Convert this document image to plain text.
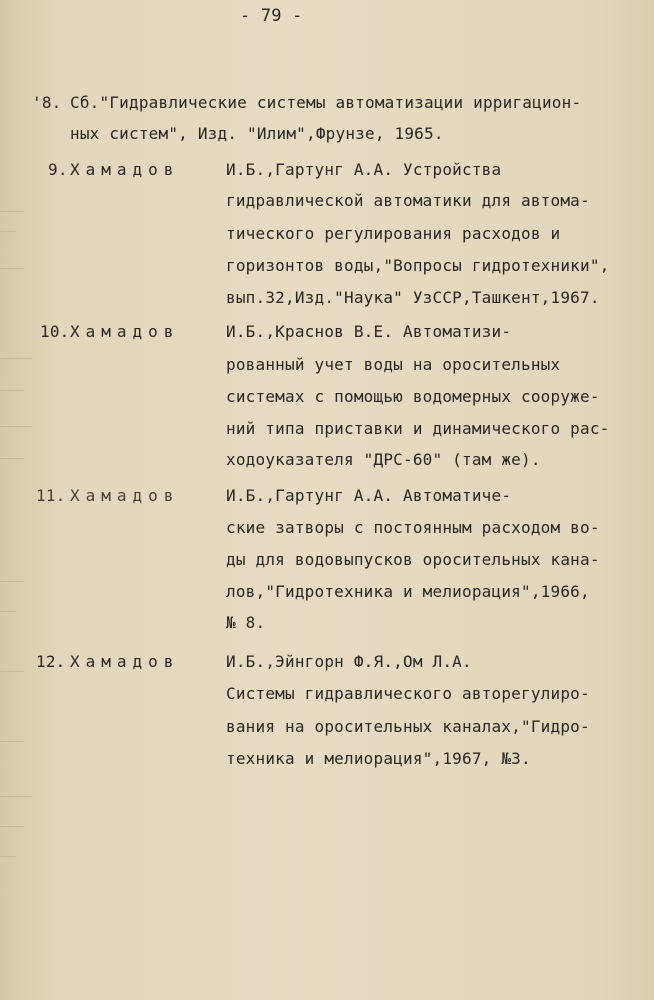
───
──
───
────
───
────
───
───
──
───
───
────
───
──
- 79 -
'8. Сб."Гидравлические системы автоматизации ирригацион-
ных систем", Изд. "Илим",Фрунзе, 1965.
9. Хамадов	И.Б.,Гартунг А.А. Устройства
гидравлической автоматики для автома-
тического регулирования расходов и
горизонтов воды,"Вопросы гидротехники",
вып.32,Изд."Наука" УзССР,Ташкент,1967.
10. Хамадов	И.Б.,Краснов В.Е. Автоматизи-
рованный учет воды на оросительных
системах с помощью водомерных сооруже-
ний типа приставки и динамического рас-
ходоуказателя "ДРС-60" (там же).
11. Хамадов	И.Б.,Гартунг А.А. Автоматиче-
ские затворы с постоянным расходом во-
ды для водовыпусков оросительных кана-
лов,"Гидротехника и мелиорация",1966,
№ 8.
12. Хамадов	И.Б.,Эйнгорн Ф.Я.,Ом Л.А.
Системы гидравлического авторегулиро-
вания на оросительных каналах,"Гидро-
техника и мелиорация",1967, №3.
